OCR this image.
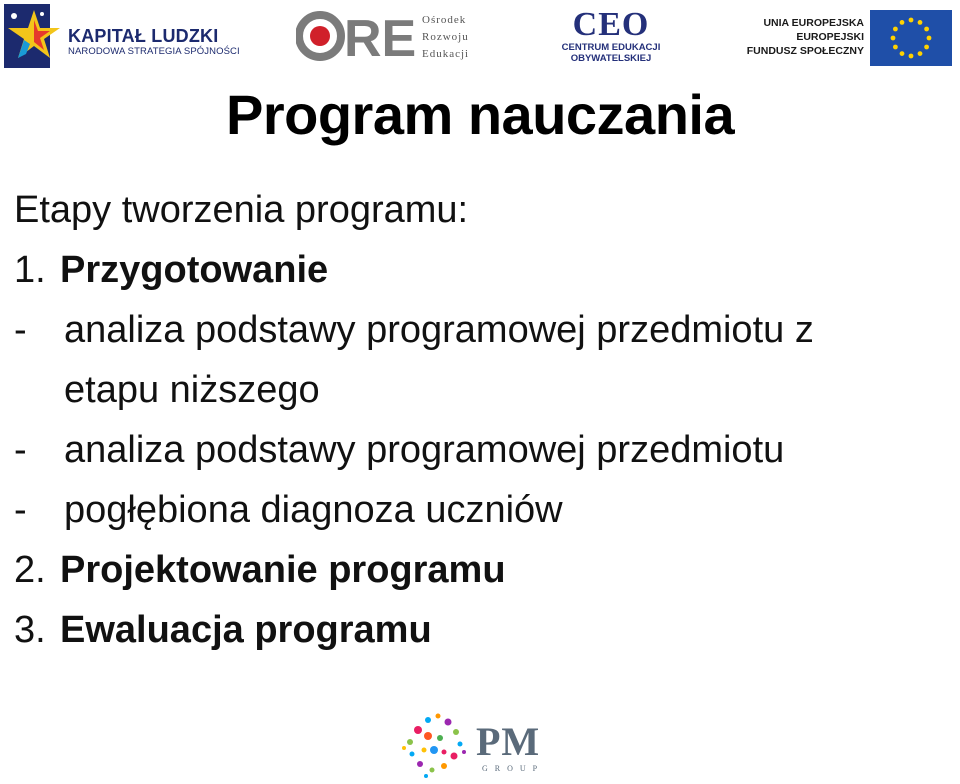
KAPITAŁ LUDZKI
NARODOWA STRATEGIA SPÓJNOŚCI RE Ośrodek
Rozwoju
Edukacji
CEO
CENTRUM EDUKACJI
OBYWATELSKIEJ
UNIA EUROPEJSKA
EUROPEJSKI
FUNDUSZ SPOŁECZNY
Program nauczania
Etapy tworzenia programu:
1. Przygotowanie
- analiza podstawy programowej przedmiotu z
etapu niższego
- analiza podstawy programowej przedmiotu
- pogłębiona diagnoza uczniów
2. Projektowanie programu
3. Ewaluacja programu
PM
GROUP
